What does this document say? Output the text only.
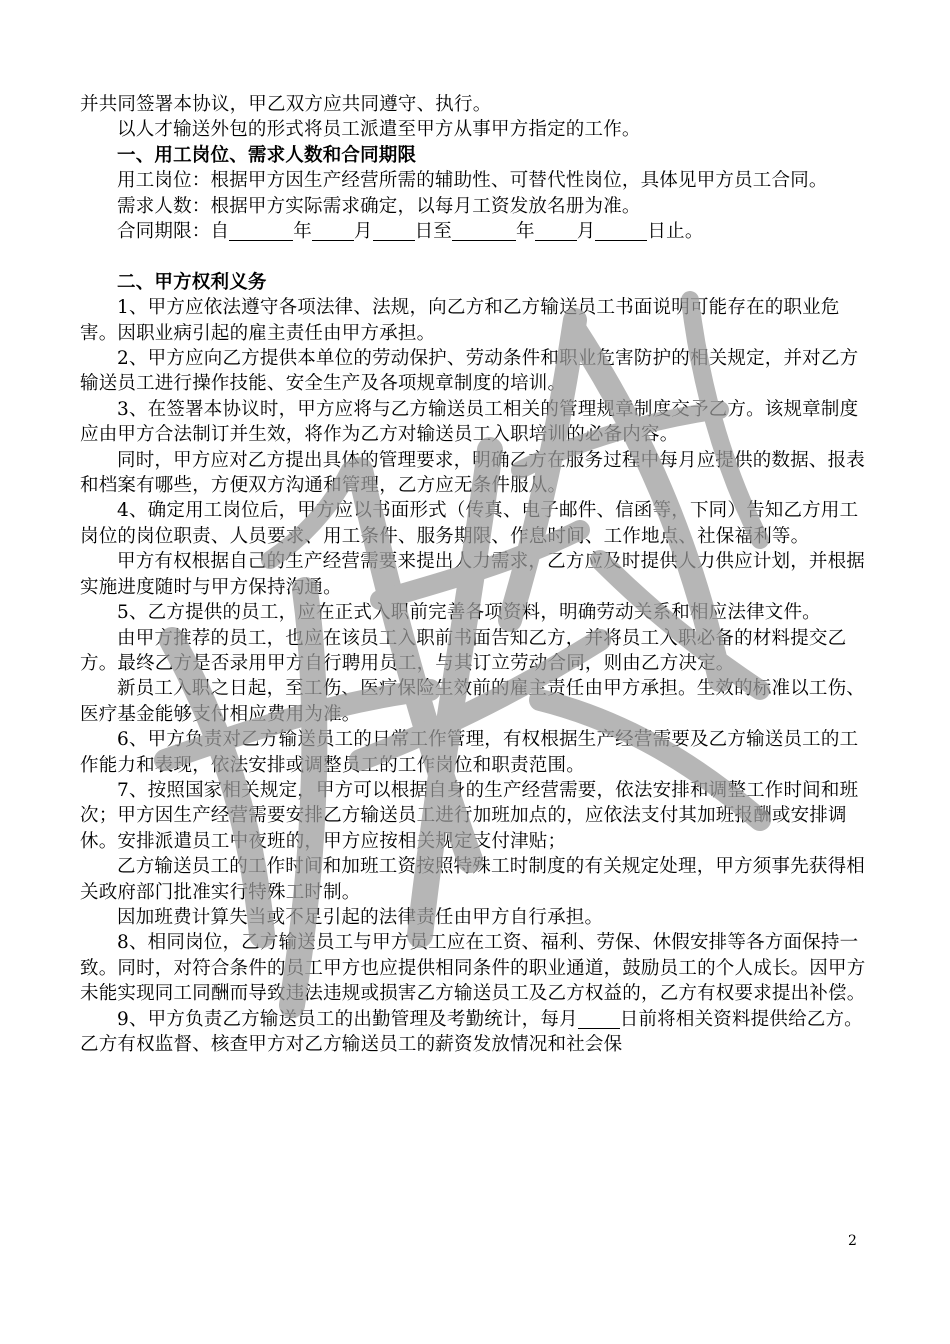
并共同签署本协议，甲乙双方应共同遵守、执行。

以人才输送外包的形式将员工派遣至甲方从事甲方指定的工作。

一、用工岗位、需求人数和合同期限

用工岗位：根据甲方因生产经营所需的辅助性、可替代性岗位，具体见甲方员工合同。

需求人数：根据甲方实际需求确定，以每月工资发放名册为准。

合同期限：自	年 月 日至	年 月	日止。

二、甲方权利义务

1、甲方应依法遵守各项法律、法规，向乙方和乙方输送员工书面说明可能存在的职业危害。因职业病引起的雇主责任由甲方承担。

2、甲方应向乙方提供本单位的劳动保护、劳动条件和职业危害防护的相关规定，并对乙方输送员工进行操作技能、安全生产及各项规章制度的培训。

3、在签署本协议时，甲方应将与乙方输送员工相关的管理规章制度交予乙方。该规章制度应由甲方合法制订并生效，将作为乙方对输送员工入职培训的必备内容。

同时，甲方应对乙方提出具体的管理要求，明确乙方在服务过程中每月应提供的数据、报表和档案有哪些，方便双方沟通和管理，乙方应无条件服从。

4、确定用工岗位后，甲方应以书面形式（传真、电子邮件、信函等，下同）告知乙方用工岗位的岗位职责、人员要求、用工条件、服务期限、作息时间、工作地点、社保福利等。

甲方有权根据自己的生产经营需要来提出人力需求，乙方应及时提供人力供应计划，并根据实施进度随时与甲方保持沟通。

5、乙方提供的员工，应在正式入职前完善各项资料，明确劳动关系和相应法律文件。

由甲方推荐的员工，也应在该员工入职前书面告知乙方，并将员工入职必备的材料提交乙方。最终乙方是否录用甲方自行聘用员工，与其订立劳动合同，则由乙方决定。

新员工入职之日起，至工伤、医疗保险生效前的雇主责任由甲方承担。生效的标准以工伤、医疗基金能够支付相应费用为准。

6、甲方负责对乙方输送员工的日常工作管理，有权根据生产经营需要及乙方输送员工的工作能力和表现，依法安排或调整员工的工作岗位和职责范围。

7、按照国家相关规定，甲方可以根据自身的生产经营需要，依法安排和调整工作时间和班次；甲方因生产经营需要安排乙方输送员工进行加班加点的，应依法支付其加班报酬或安排调休。安排派遣员工中夜班的，甲方应按相关规定支付津贴；

乙方输送员工的工作时间和加班工资按照特殊工时制度的有关规定处理，甲方须事先获得相关政府部门批准实行特殊工时制。

因加班费计算失当或不足引起的法律责任由甲方自行承担。

8、相同岗位，乙方输送员工与甲方员工应在工资、福利、劳保、休假安排等各方面保持一致。同时，对符合条件的员工甲方也应提供相同条件的职业通道，鼓励员工的个人成长。因甲方未能实现同工同酬而导致违法违规或损害乙方输送员工及乙方权益的，乙方有权要求提出补偿。

9、甲方负责乙方输送员工的出勤管理及考勤统计，每月 日前将相关资料提供给乙方。乙方有权监督、核查甲方对乙方输送员工的薪资发放情况和社会保

2
